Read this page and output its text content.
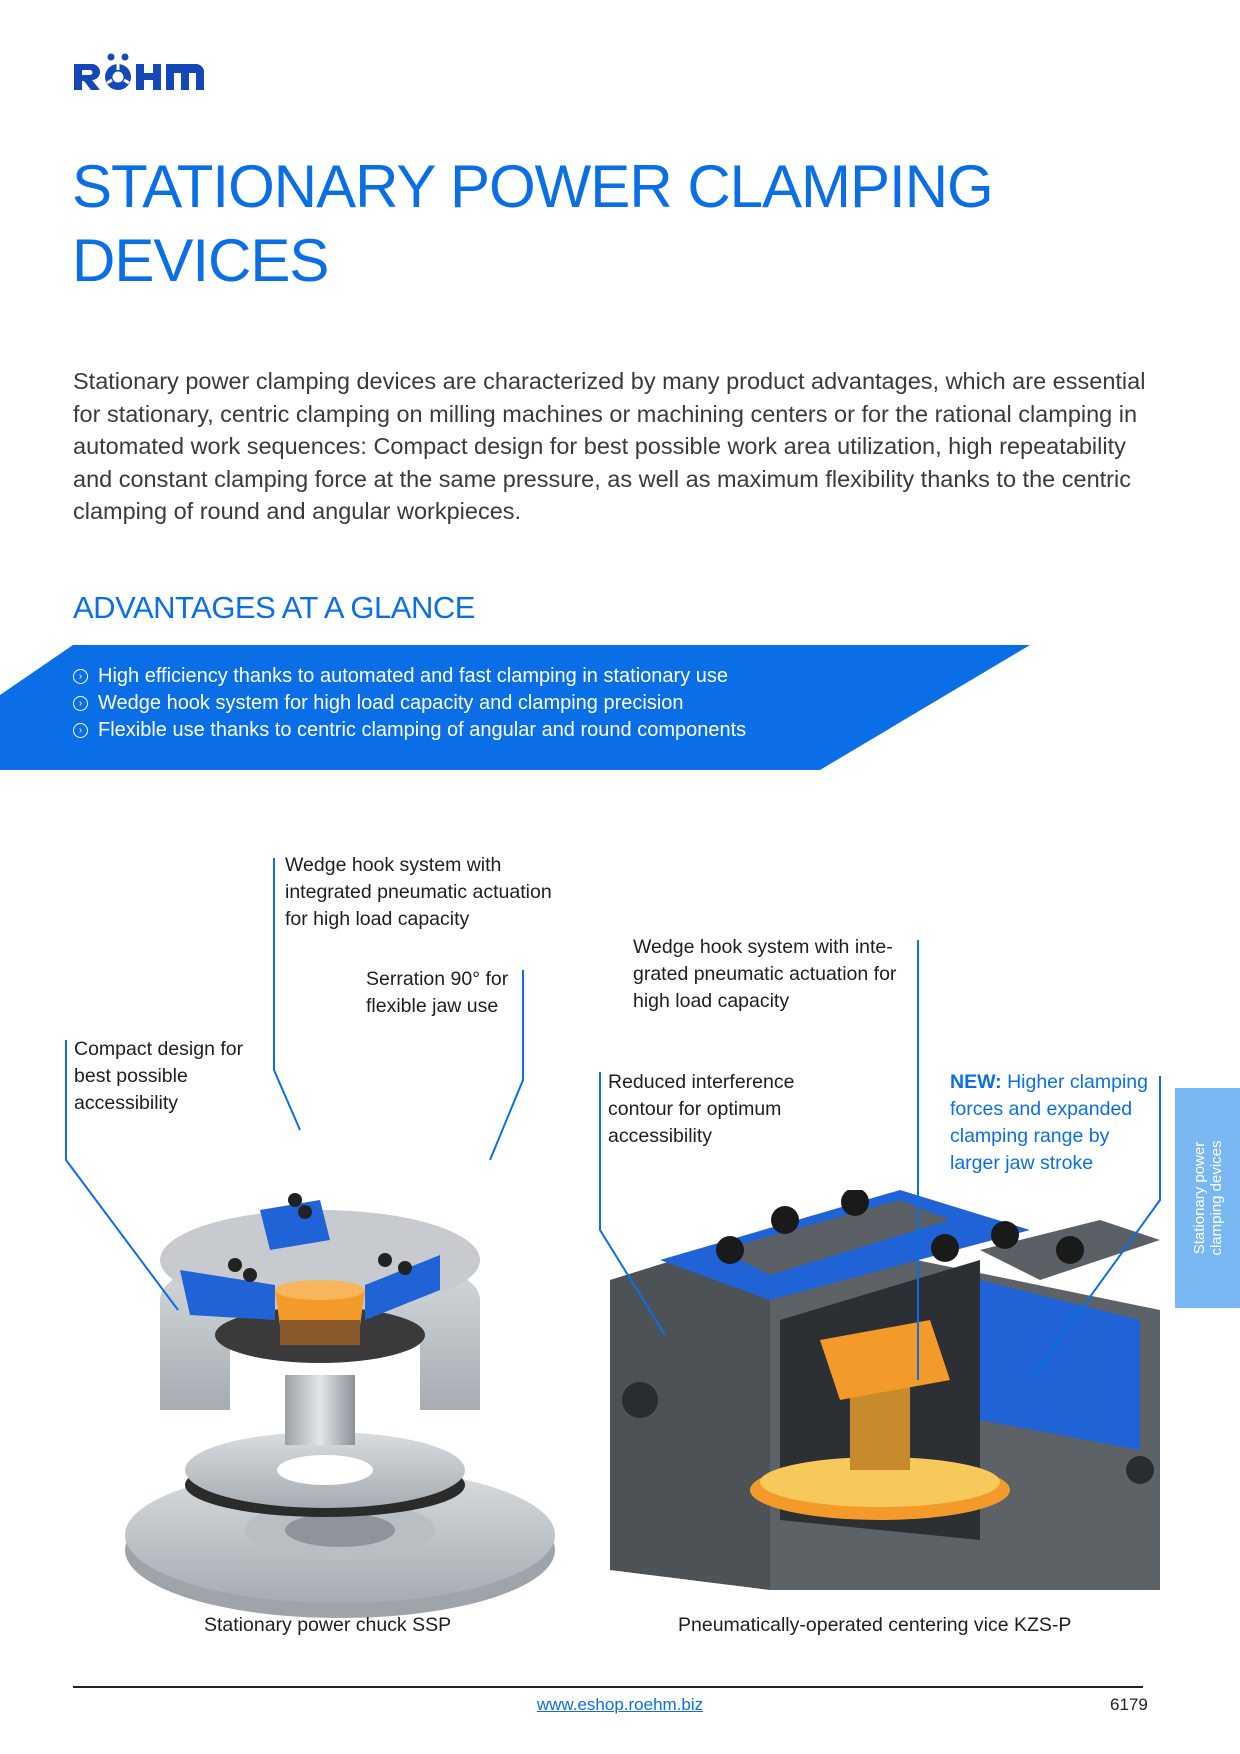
STATIONARY POWER CLAMPING
DEVICES
Stationary power clamping devices are characterized by many product advantages, which are essential for stationary, centric clamping on milling machines or machining centers or for the rational clamping in automated work sequences: Compact design for best possible work area utilization, high repeatability and constant clamping force at the same pressure, as well as maximum flexibility thanks to the centric clamping of round and angular workpieces.
ADVANTAGES AT A GLANCE
› High efficiency thanks to automated and fast clamping in stationary use
› Wedge hook system for high load capacity and clamping precision
› Flexible use thanks to centric clamping of angular and round components
Wedge hook system with
integrated pneumatic actuation
for high load capacity
Serration 90° for
flexible jaw use
Compact design for
best possible
accessibility
Wedge hook system with inte-
grated pneumatic actuation for
high load capacity
Reduced interference
contour for optimum
accessibility
NEW: Higher clamping
forces and expanded
clamping range by
larger jaw stroke
Stationary power chuck SSP	Pneumatically-operated centering vice KZS-P
Stationary power clamping devices
www.eshop.roehm.biz	6179
